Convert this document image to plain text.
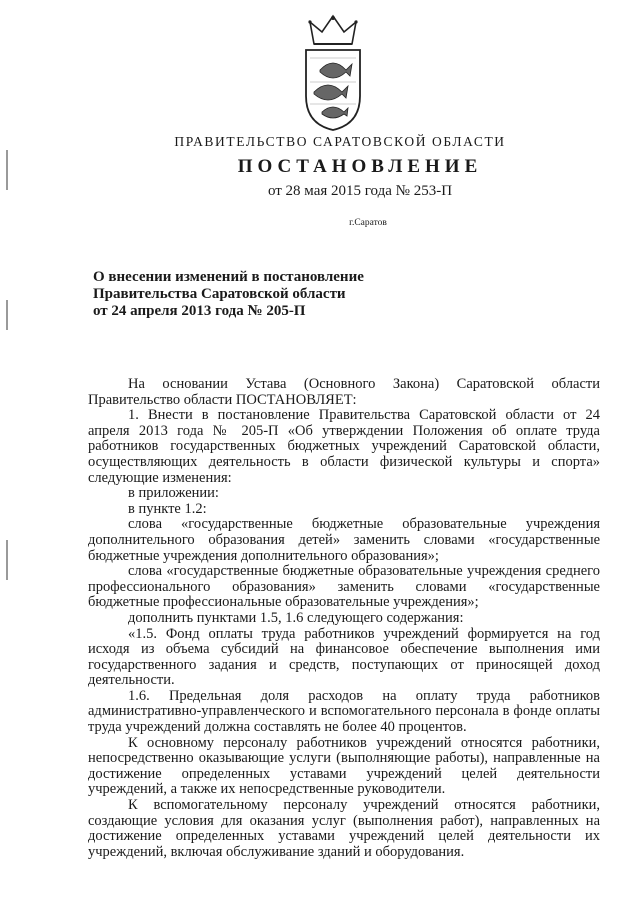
ПРАВИТЕЛЬСТВО САРАТОВСКОЙ ОБЛАСТИ
ПОСТАНОВЛЕНИЕ
от 28 мая 2015 года № 253-П
г.Саратов
О внесении изменений в постановление
Правительства Саратовской области
от 24 апреля 2013 года № 205-П

На основании Устава (Основного Закона) Саратовской области Правительство области ПОСТАНОВЛЯЕТ:

1. Внести в постановление Правительства Саратовской области от 24 апреля 2013 года № 205-П «Об утверждении Положения об оплате труда работников государственных бюджетных учреждений Саратовской области, осуществляющих деятельность в области физической культуры и спорта» следующие изменения:

в приложении:

в пункте 1.2:

слова «государственные бюджетные образовательные учреждения дополнительного образования детей» заменить словами «государственные бюджетные учреждения дополнительного образования»;

слова «государственные бюджетные образовательные учреждения среднего профессионального образования» заменить словами «государственные бюджетные профессиональные образовательные учреждения»;

дополнить пунктами 1.5, 1.6 следующего содержания:

«1.5. Фонд оплаты труда работников учреждений формируется на год исходя из объема субсидий на финансовое обеспечение выполнения ими государственного задания и средств, поступающих от приносящей доход деятельности.

1.6. Предельная доля расходов на оплату труда работников административно-управленческого и вспомогательного персонала в фонде оплаты труда учреждений должна составлять не более 40 процентов.

К основному персоналу работников учреждений относятся работники, непосредственно оказывающие услуги (выполняющие работы), направленные на достижение определенных уставами учреждений целей деятельности учреждений, а также их непосредственные руководители.

К вспомогательному персоналу учреждений относятся работники, создающие условия для оказания услуг (выполнения работ), направленных на достижение определенных уставами учреждений целей деятельности их учреждений, включая обслуживание зданий и оборудования.
